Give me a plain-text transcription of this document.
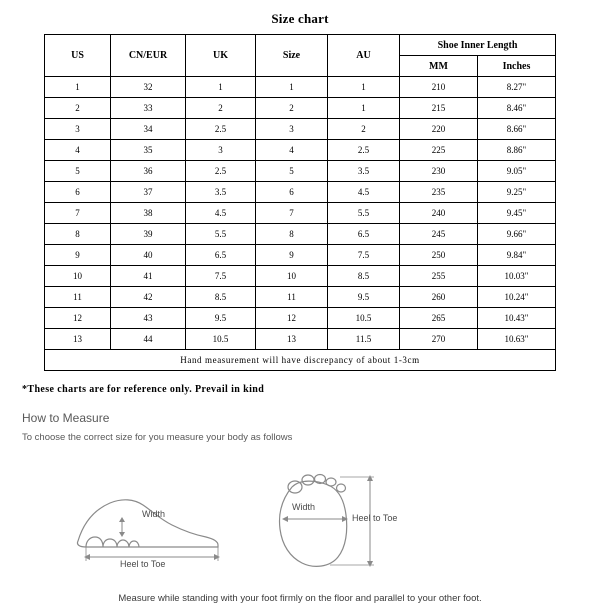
Size chart
US	CN/EUR	UK	Size	AU	Shoe Inner Length	
					MM	Inches
1	32	1	1	1	210	8.27"
2	33	2	2	1	215	8.46"
3	34	2.5	3	2	220	8.66"
4	35	3	4	2.5	225	8.86"
5	36	2.5	5	3.5	230	9.05"
6	37	3.5	6	4.5	235	9.25"
7	38	4.5	7	5.5	240	9.45"
8	39	5.5	8	6.5	245	9.66"
9	40	6.5	9	7.5	250	9.84"
10	41	7.5	10	8.5	255	10.03"
11	42	8.5	11	9.5	260	10.24"
12	43	9.5	12	10.5	265	10.43"
13	44	10.5	13	11.5	270	10.63"
Hand measurement will have discrepancy of about 1-3cm						
*These charts are for reference only. Prevail in kind
How to Measure
To choose the correct size for you measure your body as follows
Width
Heel to Toe
Width
Heel to Toe
Measure while standing with your foot firmly on the floor and parallel to your other foot.
